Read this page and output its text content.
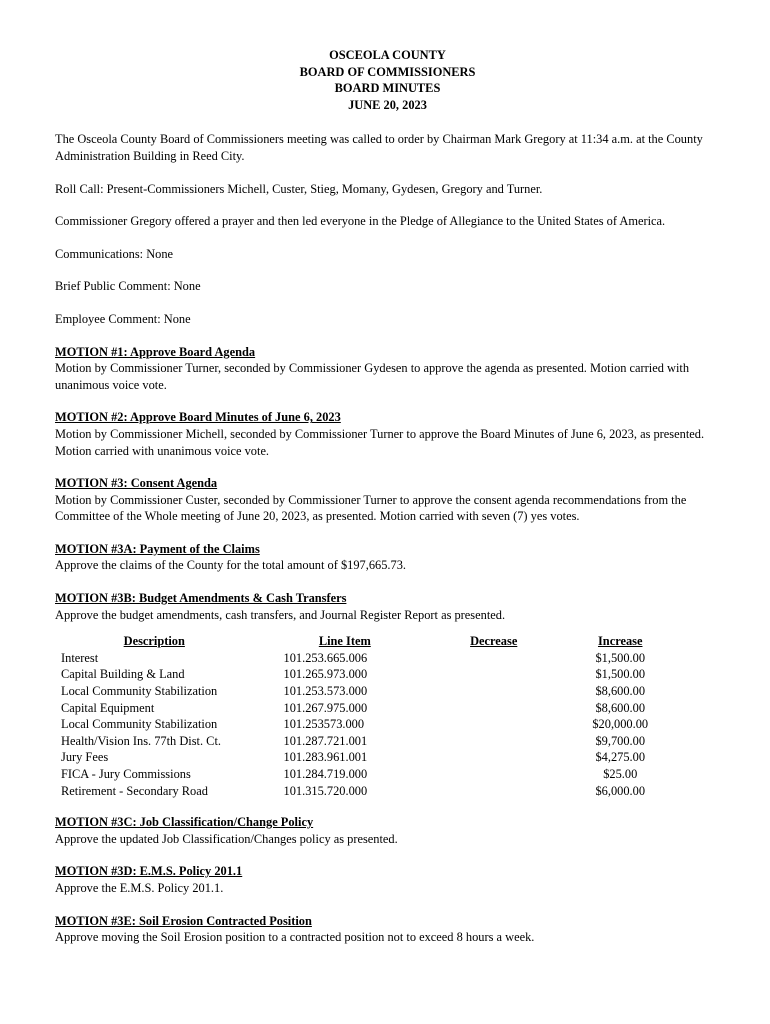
OSCEOLA COUNTY
BOARD OF COMMISSIONERS
BOARD MINUTES
JUNE 20, 2023

The Osceola County Board of Commissioners meeting was called to order by Chairman Mark Gregory at 11:34 a.m. at the County Administration Building in Reed City.

Roll Call: Present-Commissioners Michell, Custer, Stieg, Momany, Gydesen, Gregory and Turner.

Commissioner Gregory offered a prayer and then led everyone in the Pledge of Allegiance to the United States of America.

Communications: None

Brief Public Comment: None

Employee Comment: None

MOTION #1: Approve Board Agenda

Motion by Commissioner Turner, seconded by Commissioner Gydesen to approve the agenda as presented. Motion carried with unanimous voice vote.

MOTION #2: Approve Board Minutes of June 6, 2023

Motion by Commissioner Michell, seconded by Commissioner Turner to approve the Board Minutes of June 6, 2023, as presented. Motion carried with unanimous voice vote.

MOTION #3: Consent Agenda

Motion by Commissioner Custer, seconded by Commissioner Turner to approve the consent agenda recommendations from the Committee of the Whole meeting of June 20, 2023, as presented. Motion carried with seven (7) yes votes.

MOTION #3A: Payment of the Claims

Approve the claims of the County for the total amount of $197,665.73.

MOTION #3B: Budget Amendments & Cash Transfers

Approve the budget amendments, cash transfers, and Journal Register Report as presented.

Description	Line Item	Decrease	Increase
Interest	101.253.665.006		$1,500.00
Capital Building & Land	101.265.973.000		$1,500.00
Local Community Stabilization	101.253.573.000		$8,600.00
Capital Equipment	101.267.975.000		$8,600.00
Local Community Stabilization	101.253573.000		$20,000.00
Health/Vision Ins. 77th Dist. Ct.	101.287.721.001		$9,700.00
Jury Fees	101.283.961.001		$4,275.00
FICA - Jury Commissions	101.284.719.000		$25.00
Retirement - Secondary Road	101.315.720.000		$6,000.00

MOTION #3C: Job Classification/Change Policy

Approve the updated Job Classification/Changes policy as presented.

MOTION #3D: E.M.S. Policy 201.1

Approve the E.M.S. Policy 201.1.

MOTION #3E: Soil Erosion Contracted Position

Approve moving the Soil Erosion position to a contracted position not to exceed 8 hours a week.
